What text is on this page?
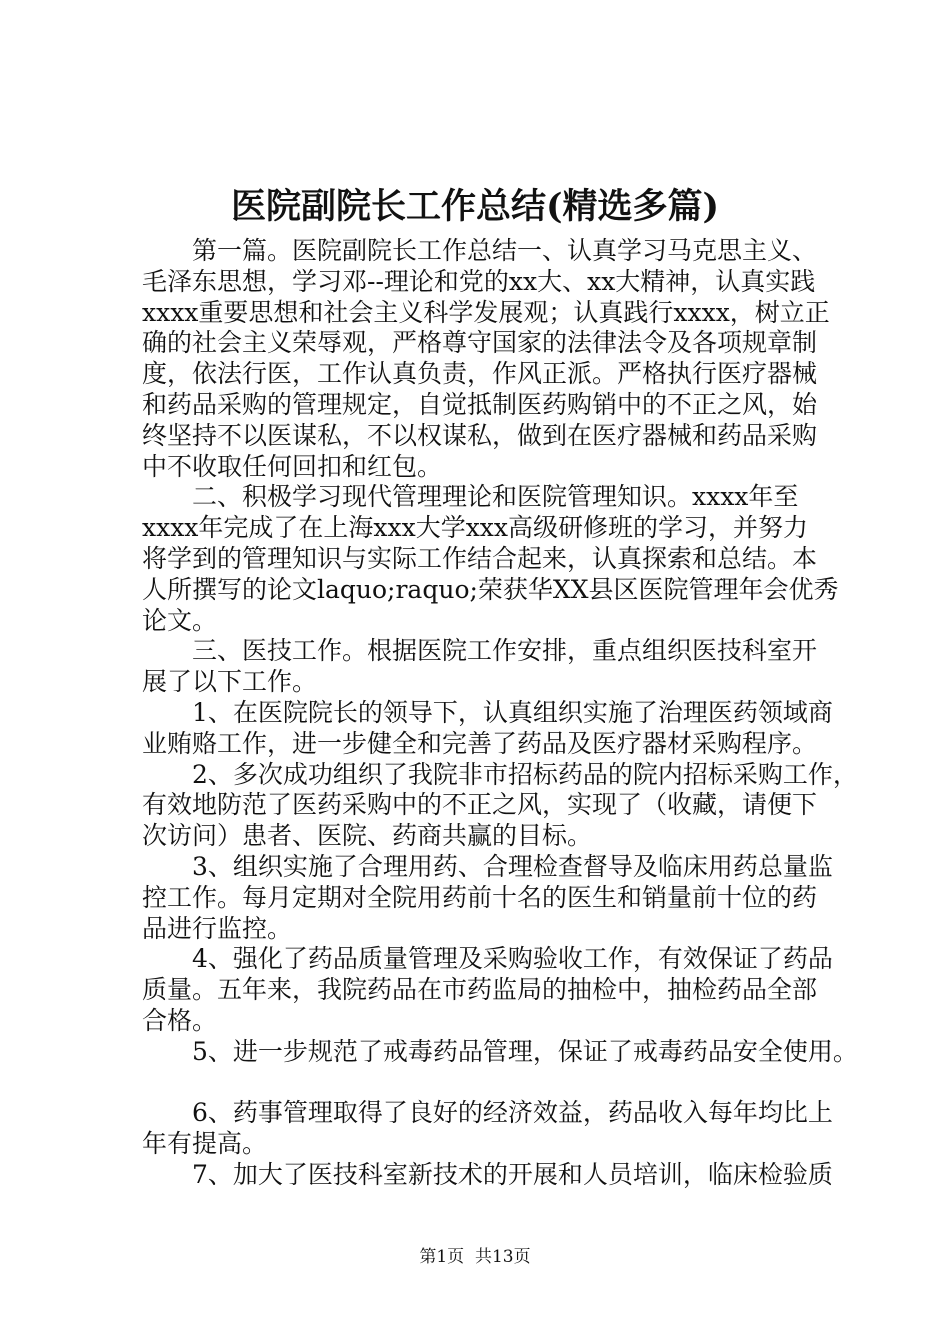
医院副院长工作总结(精选多篇)
　　第一篇。医院副院长工作总结一、认真学习马克思主义、
毛泽东思想，学习邓--理论和党的xx大、xx大精神，认真实践
xxxx重要思想和社会主义科学发展观；认真践行xxxx，树立正
确的社会主义荣辱观，严格尊守国家的法律法令及各项规章制
度，依法行医，工作认真负责，作风正派。严格执行医疗器械
和药品采购的管理规定，自觉抵制医药购销中的不正之风，始
终坚持不以医谋私，不以权谋私，做到在医疗器械和药品采购
中不收取任何回扣和红包。
　　二、积极学习现代管理理论和医院管理知识。xxxx年至
xxxx年完成了在上海xxx大学xxx高级研修班的学习，并努力
将学到的管理知识与实际工作结合起来，认真探索和总结。本
人所撰写的论文laquo;raquo;荣获华XX县区医院管理年会优秀
论文。
　　三、医技工作。根据医院工作安排，重点组织医技科室开
展了以下工作。
　　1、在医院院长的领导下，认真组织实施了治理医药领域商
业贿赂工作，进一步健全和完善了药品及医疗器材采购程序。
　　2、多次成功组织了我院非市招标药品的院内招标采购工作，
有效地防范了医药采购中的不正之风，实现了（收藏，请便下
次访问）患者、医院、药商共赢的目标。
　　3、组织实施了合理用药、合理检查督导及临床用药总量监
控工作。每月定期对全院用药前十名的医生和销量前十位的药
品进行监控。
　　4、强化了药品质量管理及采购验收工作，有效保证了药品
质量。五年来，我院药品在市药监局的抽检中，抽检药品全部
合格。
　　5、进一步规范了戒毒药品管理，保证了戒毒药品安全使用。
　　6、药事管理取得了良好的经济效益，药品收入每年均比上
年有提高。
　　7、加大了医技科室新技术的开展和人员培训，临床检验质
第1页  共13页
